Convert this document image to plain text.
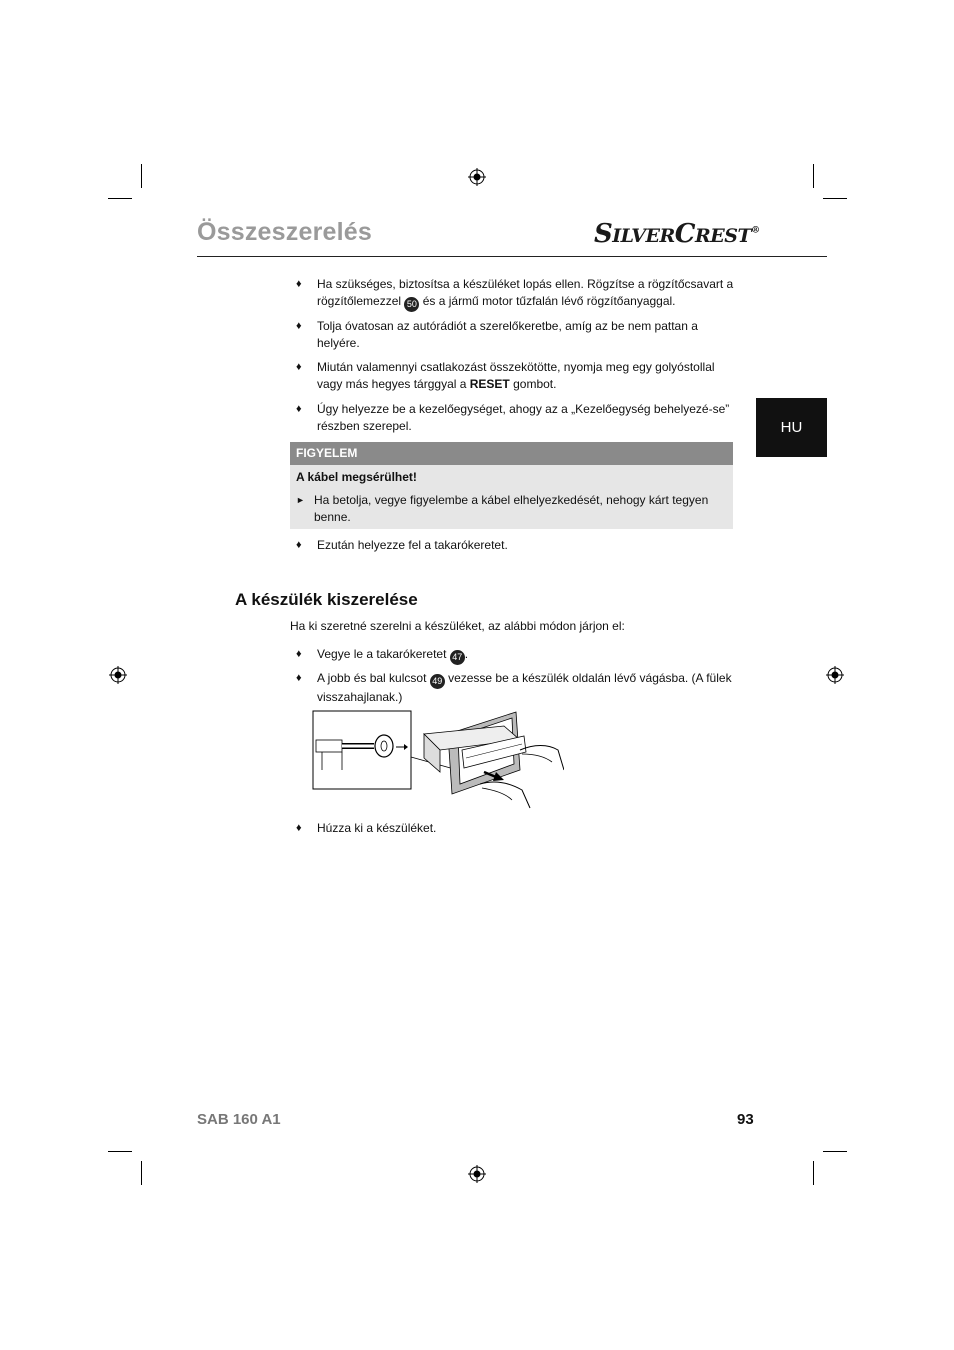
Összeszerelés	SILVERCREST®
HU
♦ Ha szükséges, biztosítsa a készüléket lopás ellen. Rögzítse a rögzítőcsavart a rögzítőlemezzel 50 és a jármű motor tűzfalán lévő rögzítőanyaggal.
♦ Tolja óvatosan az autórádiót a szerelőkeretbe, amíg az be nem pattan a helyére.
♦ Miután valamennyi csatlakozást összekötötte, nyomja meg egy golyóstollal vagy más hegyes tárggyal a RESET gombot.
♦ Úgy helyezze be a kezelőegységet, ahogy az a „Kezelőegység behelyezé-se” részben szerepel.
FIGYELEM
A kábel megsérülhet!
► Ha betolja, vegye figyelembe a kábel elhelyezkedését, nehogy kárt tegyen benne.
♦ Ezután helyezze fel a takarókeretet.
A készülék kiszerelése
Ha ki szeretné szerelni a készüléket, az alábbi módon járjon el:
♦ Vegye le a takarókeretet 47 .
♦ A jobb és bal kulcsot 49 vezesse be a készülék oldalán lévő vágásba. (A fülek visszahajlanak.)
♦ Húzza ki a készüléket.
SAB 160 A1	93
